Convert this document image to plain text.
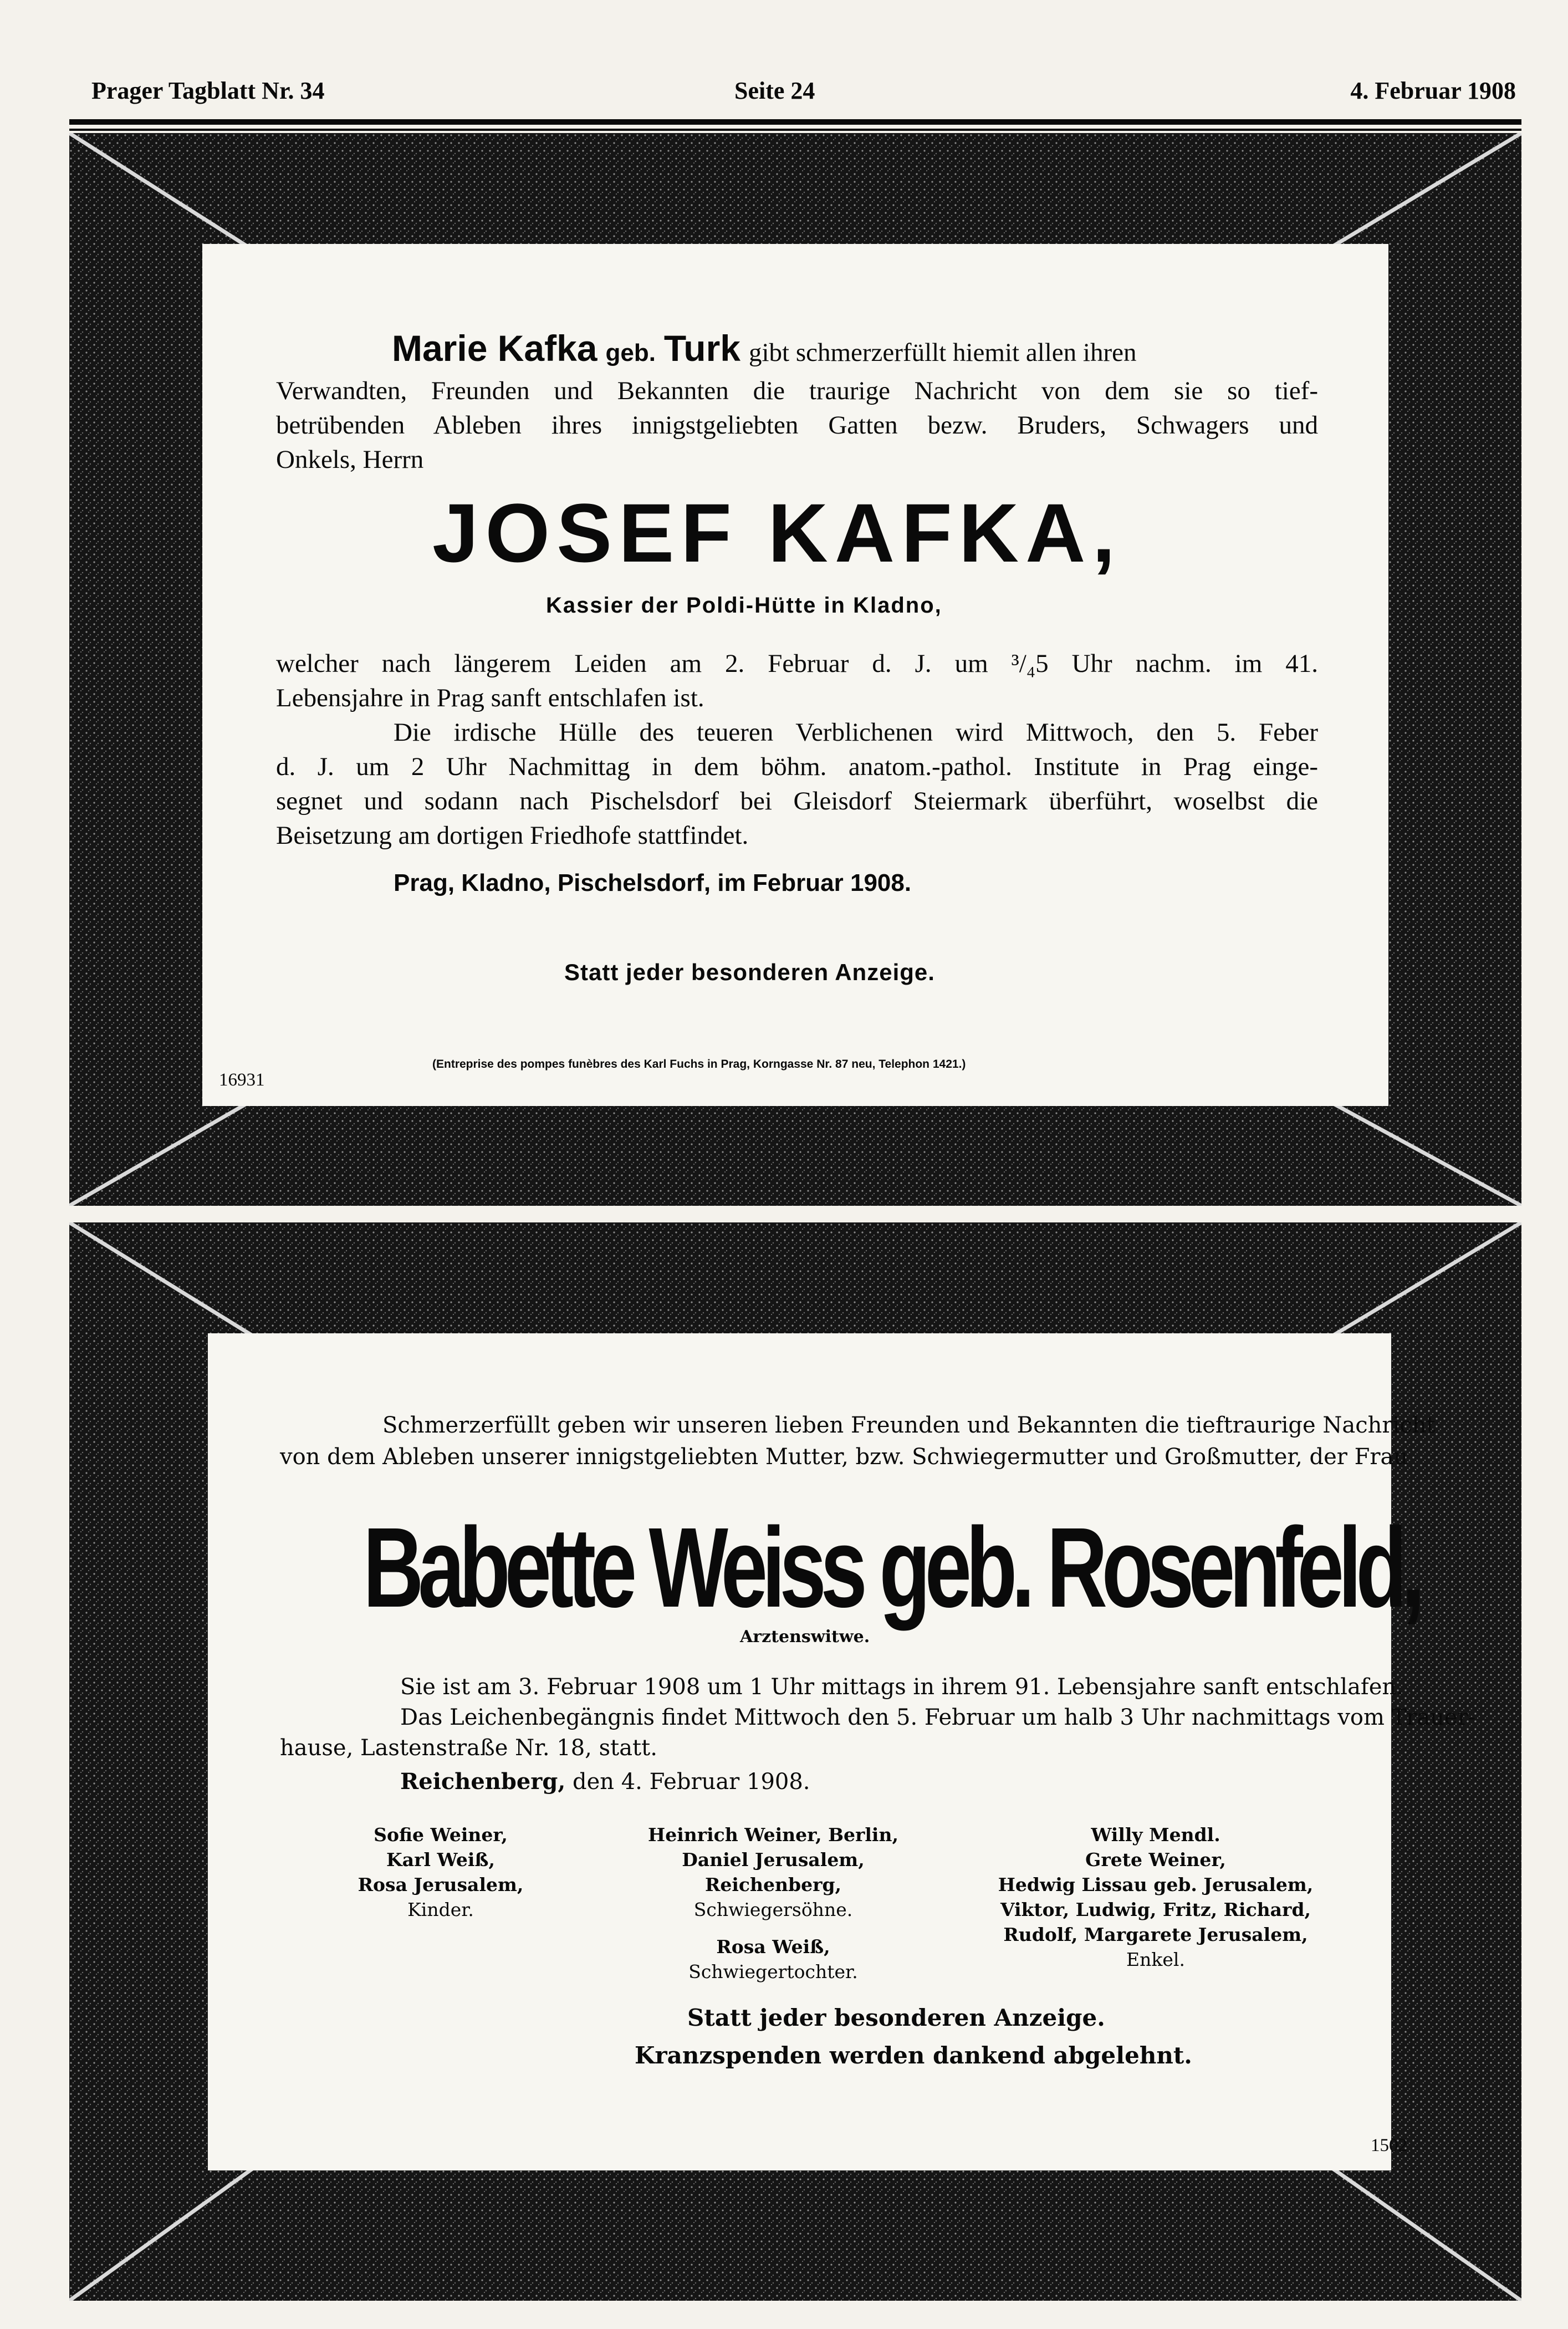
Prager Tagblatt Nr. 34	Seite 24	4. Februar 1908
Marie Kafka geb. Turk gibt schmerzerfüllt hiemit allen ihren
Verwandten, Freunden und Bekannten die traurige Nachricht von dem sie so tief-
betrübenden Ableben ihres innigstgeliebten Gatten bezw. Bruders, Schwagers und
Onkels, Herrn
JOSEF KAFKA,
Kassier der Poldi-Hütte in Kladno,
welcher nach längerem Leiden am 2. Februar d. J. um ³/₄5 Uhr nachm. im 41.
Lebensjahre in Prag sanft entschlafen ist.
Die irdische Hülle des teueren Verblichenen wird Mittwoch, den 5. Feber
d. J. um 2 Uhr Nachmittag in dem böhm. anatom.-pathol. Institute in Prag einge-
segnet und sodann nach Pischelsdorf bei Gleisdorf Steiermark überführt, woselbst die
Beisetzung am dortigen Friedhofe stattfindet.
Prag, Kladno, Pischelsdorf, im Februar 1908.
Statt jeder besonderen Anzeige.
(Entreprise des pompes funèbres des Karl Fuchs in Prag, Korngasse Nr. 87 neu, Telephon 1421.)
16931
Schmerzerfüllt geben wir unseren lieben Freunden und Bekannten die tieftraurige Nachricht
von dem Ableben unserer innigstgeliebten Mutter, bzw. Schwiegermutter und Großmutter, der Frau
Babette Weiss geb. Rosenfeld,
Arztenswitwe.
Sie ist am 3. Februar 1908 um 1 Uhr mittags in ihrem 91. Lebensjahre sanft entschlafen.
Das Leichenbegängnis findet Mittwoch den 5. Februar um halb 3 Uhr nachmittags vom Trauer-
hause, Lastenstraße Nr. 18, statt.
Reichenberg, den 4. Februar 1908.
Sofie Weiner,
Karl Weiß,
Rosa Jerusalem,
Kinder.
Heinrich Weiner, Berlin,
Daniel Jerusalem, Reichenberg,
Schwiegersöhne.
Rosa Weiß,
Schwiegertochter.
Willy Mendl.
Grete Weiner,
Hedwig Lissau geb. Jerusalem,
Viktor, Ludwig, Fritz, Richard,
Rudolf, Margarete Jerusalem,
Enkel.
Statt jeder besonderen Anzeige.
Kranzspenden werden dankend abgelehnt.
1502
